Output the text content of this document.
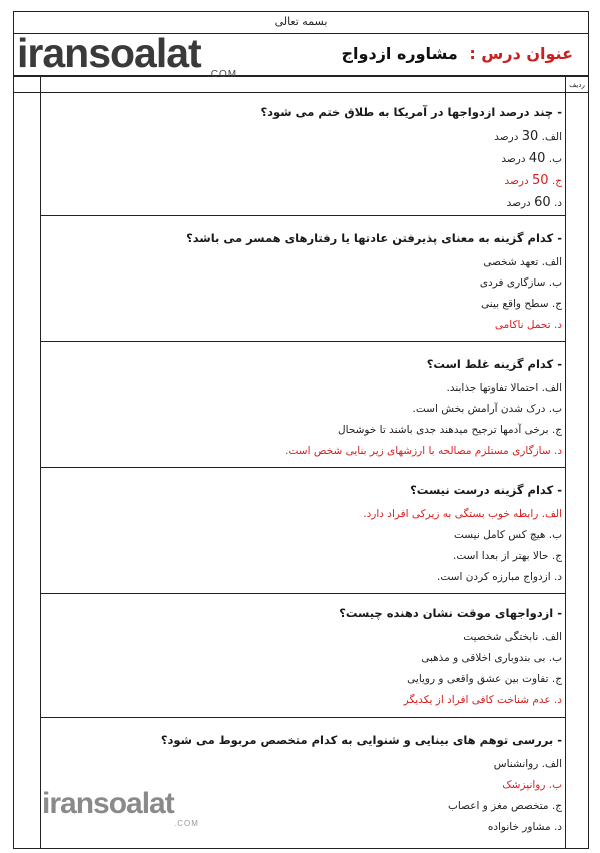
بسمه تعالی
iransoalat .COM
عنوان درس : مشاوره ازدواج
ردیف
- چند درصد ازدواجها در آمریکا به طلاق ختم می شود؟
الف. 30 درصد
ب. 40 درصد
ج. 50 درصد
د. 60 درصد
- کدام گزینه به معنای پذیرفتن عادتها یا رفتارهای همسر می باشد؟
الف. تعهد شخصی
ب. سازگاری فردی
ج. سطح واقع بینی
د. تحمل ناکامی
- کدام گزینه غلط است؟
الف. احتمالا تفاوتها جذابند.
ب. درک شدن آرامش بخش است.
ج. برخی آدمها ترجیح میدهند جدی باشند تا خوشحال
د. سازگاری مستلزم مصالحه با ارزشهای زیر بنایی شخص است.
- کدام گزینه درست نیست؟
الف. رابطه خوب بستگی به زیرکی افراد دارد.
ب. هیچ کس کامل نیست
ج. حالا بهتر از بعدا است.
د. ازدواج مبارزه کردن است.
- ازدواجهای موقت نشان دهنده چیست؟
الف. نابختگی شخصیت
ب. بی بندوباری اخلاقی و مذهبی
ج. تفاوت بین عشق واقعی و رویایی
د. عدم شناخت کافی افراد از یکدیگر
- بررسی توهم های بینایی و شنوایی به کدام متخصص مربوط می شود؟
الف. روانشناس
ب. روانپزشک
ج. متخصص مغز و اعصاب
د. مشاور خانواده
iransoalat
.COM
